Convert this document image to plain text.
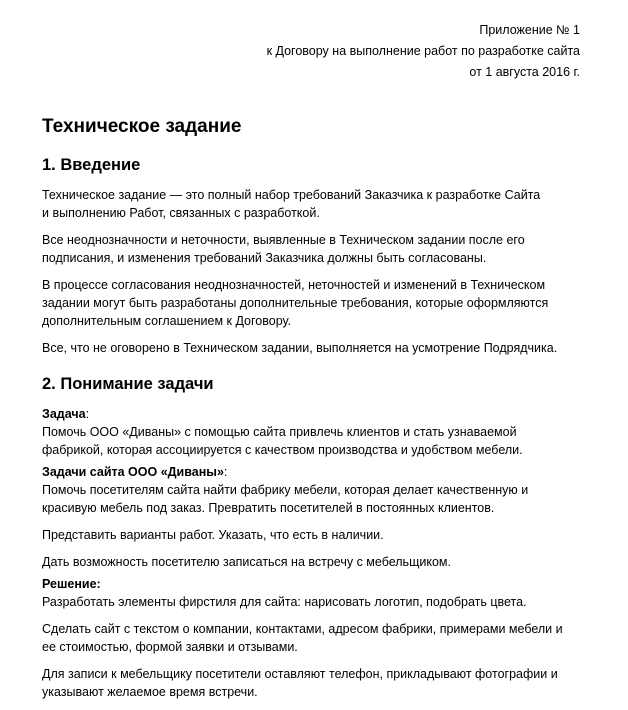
Приложение № 1
к Договору на выполнение работ по разработке сайта
от 1 августа 2016 г.
Техническое задание
1. Введение

Техническое задание — это полный набор требований Заказчика к разработке Сайта
и выполнению Работ, связанных с разработкой.

Все неоднозначности и неточности, выявленные в Техническом задании после его
подписания, и изменения требований Заказчика должны быть согласованы.

В процессе согласования неоднозначностей, неточностей и изменений в Техническом
задании могут быть разработаны дополнительные требования, которые оформляются
дополнительным соглашением к Договору.

Все, что не оговорено в Техническом задании, выполняется на усмотрение Подрядчика.

2. Понимание задачи
Задача:

Помочь ООО «Диваны» с помощью сайта привлечь клиентов и стать узнаваемой
фабрикой, которая ассоциируется с качеством производства и удобством мебели.

Задачи сайта ООО «Диваны»:

Помочь посетителям сайта найти фабрику мебели, которая делает качественную и
красивую мебель под заказ. Превратить посетителей в постоянных клиентов.

Представить варианты работ. Указать, что есть в наличии.

Дать возможность посетителю записаться на встречу с мебельщиком.

Решение:

Разработать элементы фирстиля для сайта: нарисовать логотип, подобрать цвета.

Сделать сайт с текстом о компании, контактами, адресом фабрики, примерами мебели и
ее стоимостью, формой заявки и отзывами.

Для записи к мебельщику посетители оставляют телефон, прикладывают фотографии и
указывают желаемое время встречи.
